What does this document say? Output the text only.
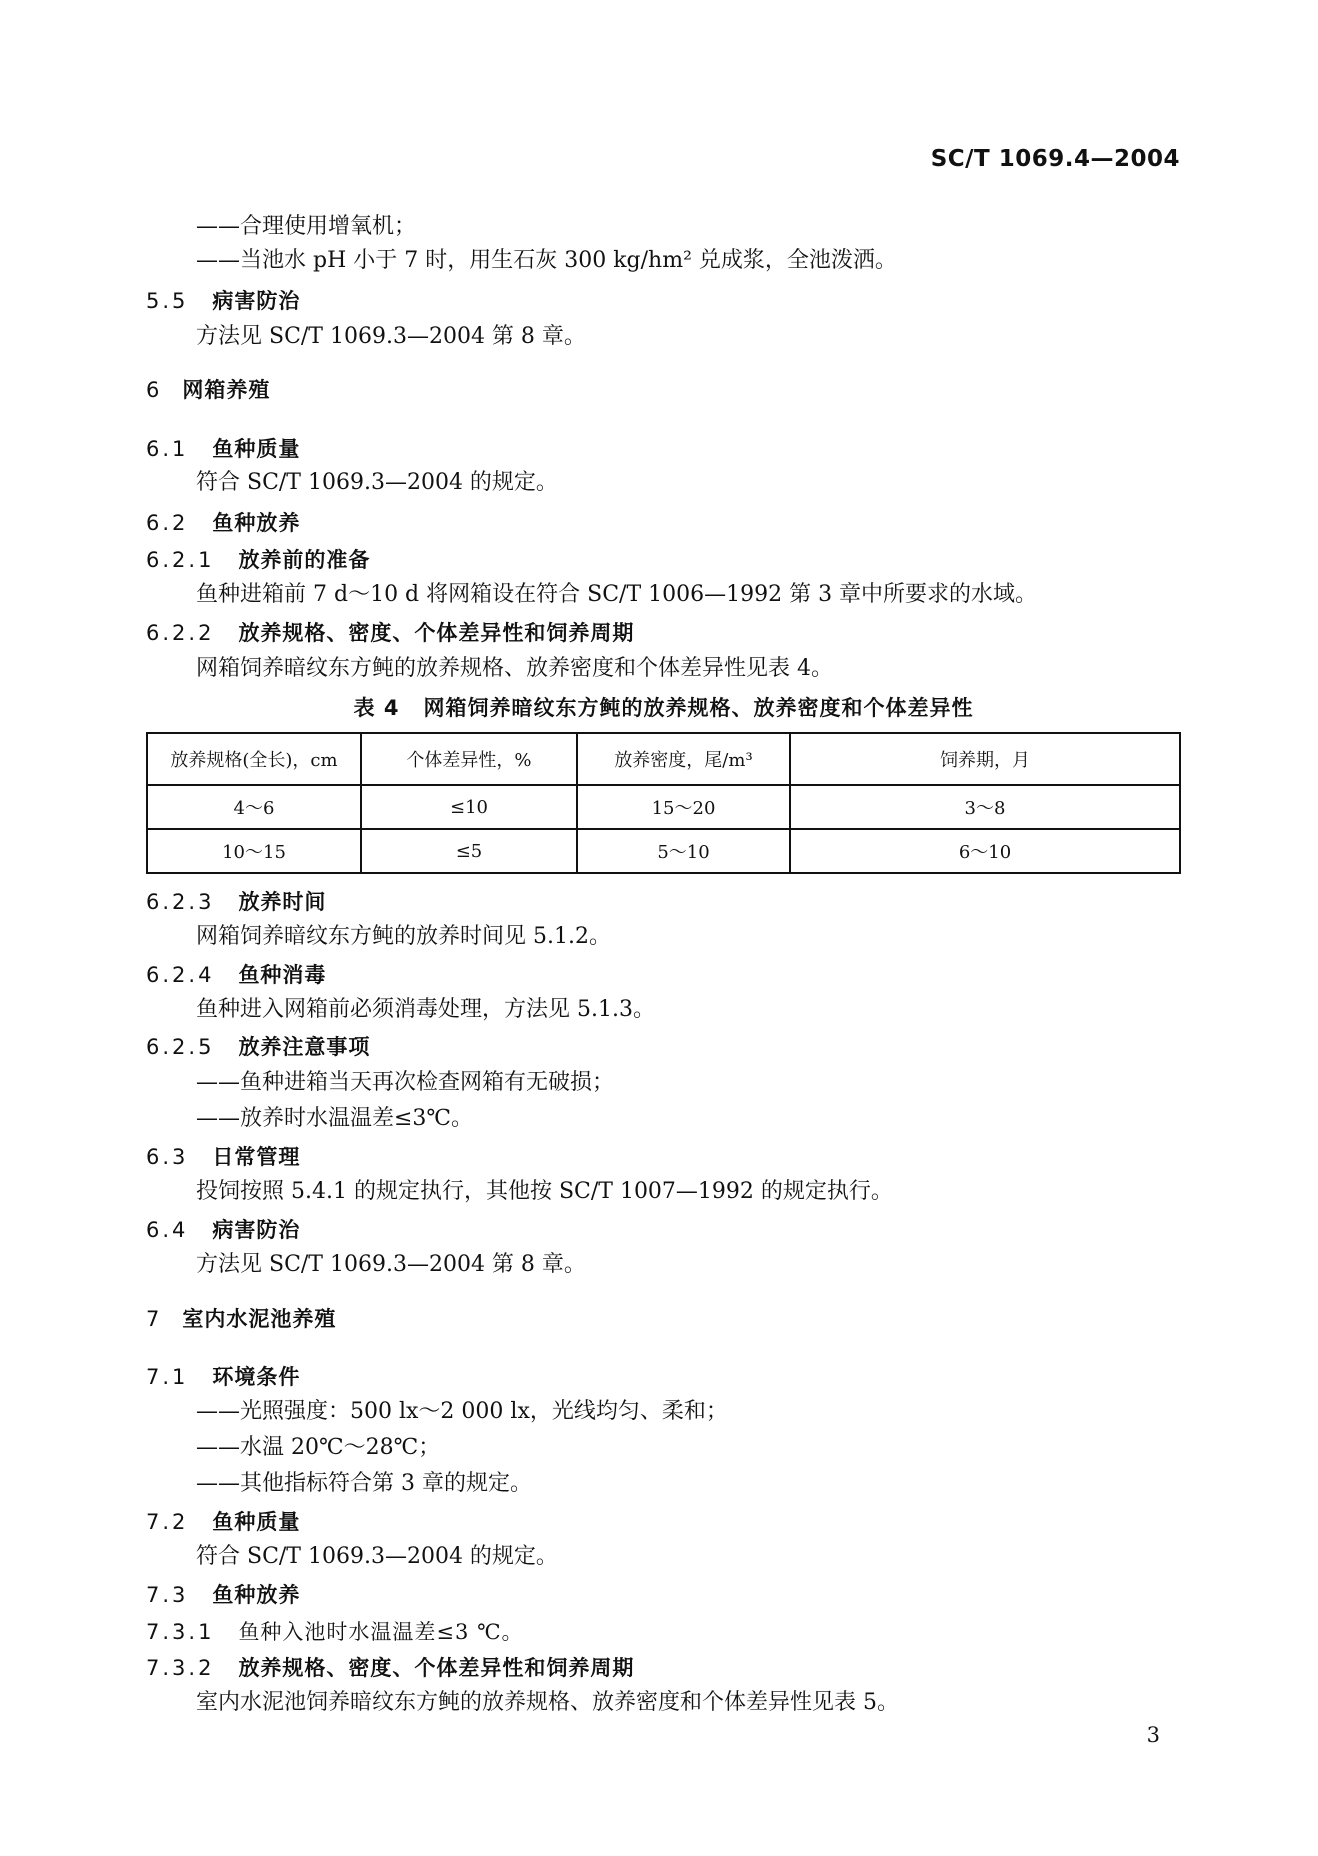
SC/T 1069.4—2004
——合理使用增氧机；
——当池水 pH 小于 7 时，用生石灰 300 kg/hm² 兑成浆，全池泼洒。
5.5 病害防治
方法见 SC/T 1069.3—2004 第 8 章。
6 网箱养殖
6.1 鱼种质量
符合 SC/T 1069.3—2004 的规定。
6.2 鱼种放养
6.2.1 放养前的准备
鱼种进箱前 7 d～10 d 将网箱设在符合 SC/T 1006—1992 第 3 章中所要求的水域。
6.2.2 放养规格、密度、个体差异性和饲养周期
网箱饲养暗纹东方鲀的放养规格、放养密度和个体差异性见表 4。
表 4 网箱饲养暗纹东方鲀的放养规格、放养密度和个体差异性
放养规格(全长)，cm	个体差异性，%	放养密度，尾/m³	饲养期，月
4～6	≤10	15～20	3～8
10～15	≤5	5～10	6～10
6.2.3 放养时间
网箱饲养暗纹东方鲀的放养时间见 5.1.2。
6.2.4 鱼种消毒
鱼种进入网箱前必须消毒处理，方法见 5.1.3。
6.2.5 放养注意事项
——鱼种进箱当天再次检查网箱有无破损；
——放养时水温温差≤3℃。
6.3 日常管理
投饲按照 5.4.1 的规定执行，其他按 SC/T 1007—1992 的规定执行。
6.4 病害防治
方法见 SC/T 1069.3—2004 第 8 章。
7 室内水泥池养殖
7.1 环境条件
——光照强度：500 lx～2 000 lx，光线均匀、柔和；
——水温 20℃～28℃；
——其他指标符合第 3 章的规定。
7.2 鱼种质量
符合 SC/T 1069.3—2004 的规定。
7.3 鱼种放养
7.3.1 鱼种入池时水温温差≤3 ℃。
7.3.2 放养规格、密度、个体差异性和饲养周期
室内水泥池饲养暗纹东方鲀的放养规格、放养密度和个体差异性见表 5。
3
